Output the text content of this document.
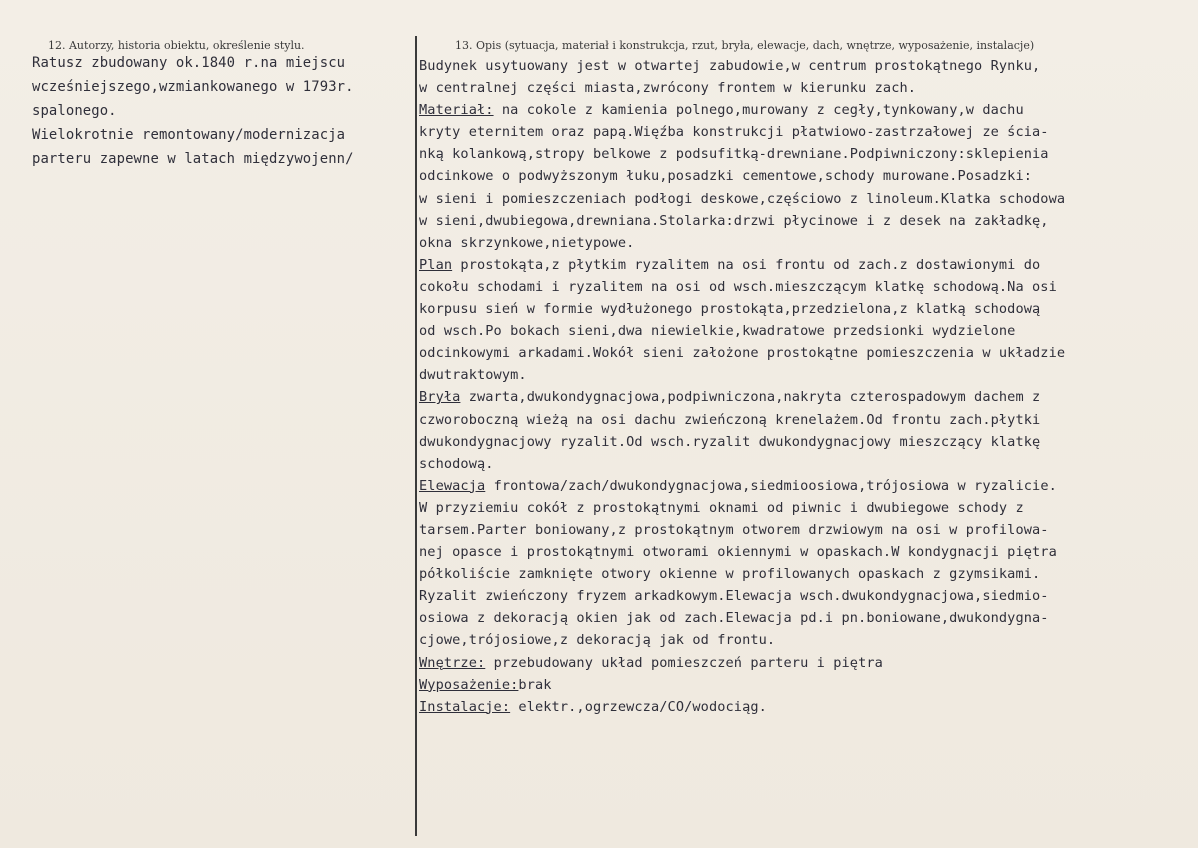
12. Autorzy, historia obiektu, określenie stylu.	13. Opis (sytuacja, materiał i konstrukcja, rzut, bryła, elewacje, dach, wnętrze, wyposażenie, instalacje)
Ratusz zbudowany ok.1840 r.na miejscu
wcześniejszego,wzmiankowanego w 1793r.
spalonego.
Wielokrotnie remontowany/modernizacja
parteru zapewne w latach międzywojenn/
Budynek usytuowany jest w otwartej zabudowie,w centrum prostokątnego Rynku,
w centralnej części miasta,zwrócony frontem w kierunku zach.
Materiał: na cokole z kamienia polnego,murowany z cegły,tynkowany,w dachu
kryty eternitem oraz papą.Więźba konstrukcji płatwiowo-zastrzałowej ze ścia-
nką kolankową,stropy belkowe z podsufitką-drewniane.Podpiwniczony:sklepienia
odcinkowe o podwyższonym łuku,posadzki cementowe,schody murowane.Posadzki:
w sieni i pomieszczeniach podłogi deskowe,częściowo z linoleum.Klatka schodowa
w sieni,dwubiegowa,drewniana.Stolarka:drzwi płycinowe i z desek na zakładkę,
okna skrzynkowe,nietypowe.
Plan prostokąta,z płytkim ryzalitem na osi frontu od zach.z dostawionymi do
cokołu schodami i ryzalitem na osi od wsch.mieszczącym klatkę schodową.Na osi
korpusu sień w formie wydłużonego prostokąta,przedzielona,z klatką schodową
od wsch.Po bokach sieni,dwa niewielkie,kwadratowe przedsionki wydzielone
odcinkowymi arkadami.Wokół sieni założone prostokątne pomieszczenia w układzie
dwutraktowym.
Bryła zwarta,dwukondygnacjowa,podpiwniczona,nakryta czterospadowym dachem z
czworoboczną wieżą na osi dachu zwieńczoną krenelażem.Od frontu zach.płytki
dwukondygnacjowy ryzalit.Od wsch.ryzalit dwukondygnacjowy mieszczący klatkę
schodową.
Elewacja frontowa/zach/dwukondygnacjowa,siedmioosiowa,trójosiowa w ryzalicie.
W przyziemiu cokół z prostokątnymi oknami od piwnic i dwubiegowe schody z
tarsem.Parter boniowany,z prostokątnym otworem drzwiowym na osi w profilowa-
nej opasce i prostokątnymi otworami okiennymi w opaskach.W kondygnacji piętra
półkoliście zamknięte otwory okienne w profilowanych opaskach z gzymsikami.
Ryzalit zwieńczony fryzem arkadkowym.Elewacja wsch.dwukondygnacjowa,siedmio-
osiowa z dekoracją okien jak od zach.Elewacja pd.i pn.boniowane,dwukondygna-
cjowe,trójosiowe,z dekoracją jak od frontu.
Wnętrze: przebudowany układ pomieszczeń parteru i piętra
Wyposażenie:brak
Instalacje: elektr.,ogrzewcza/CO/wodociąg.
